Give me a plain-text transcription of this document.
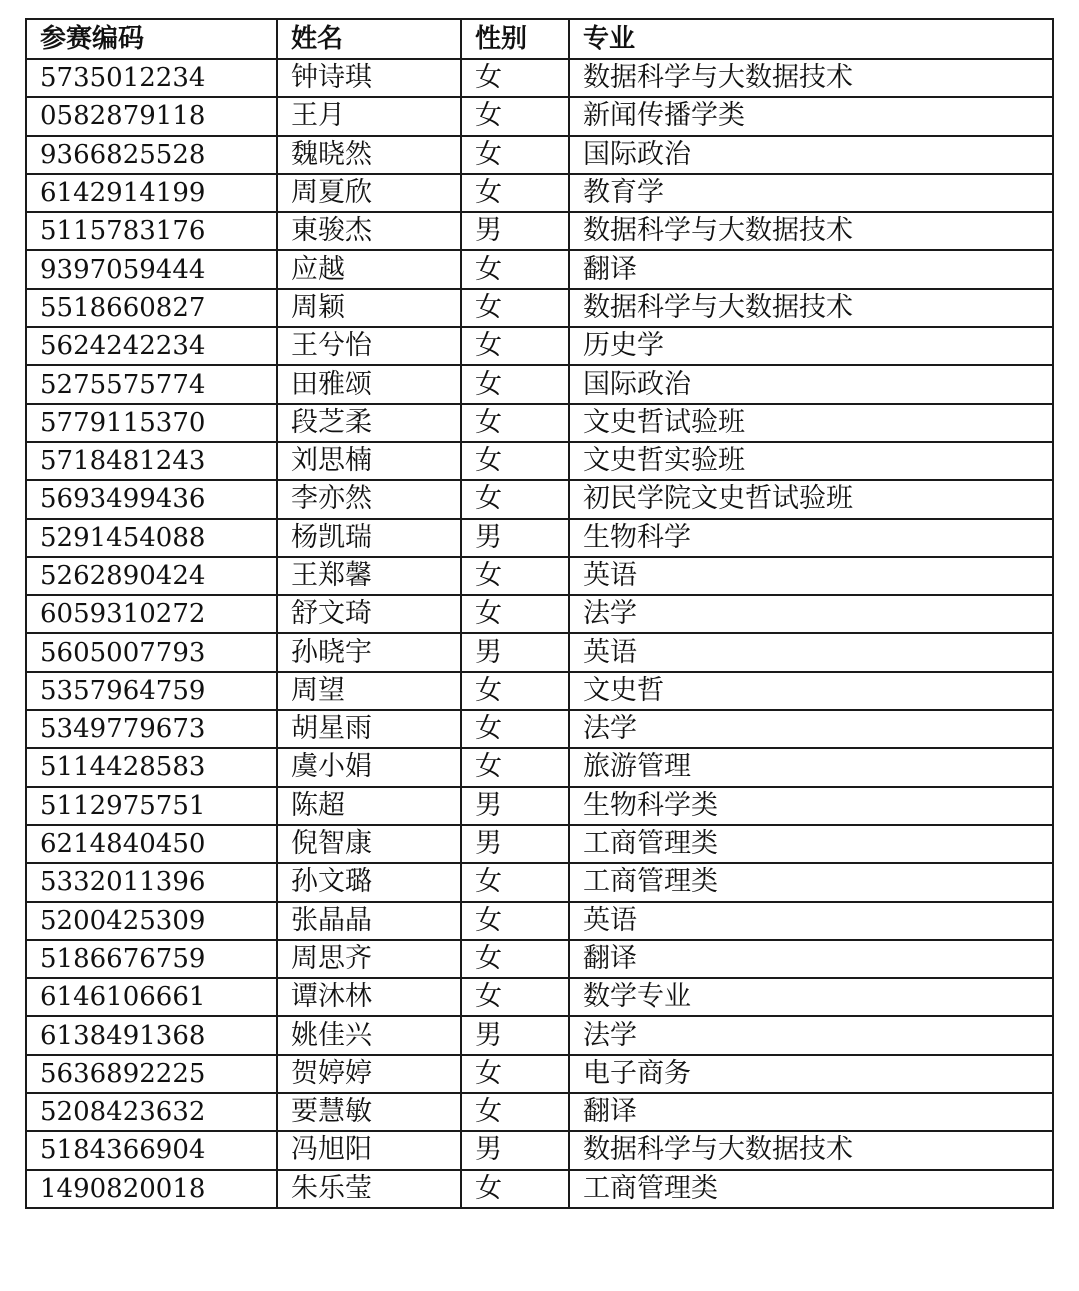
参赛编码	姓名	性别	专业
5735012234	钟诗琪	女	数据科学与大数据技术
0582879118	王月	女	新闻传播学类
9366825528	魏晓然	女	国际政治
6142914199	周夏欣	女	教育学
5115783176	東骏杰	男	数据科学与大数据技术
9397059444	应越	女	翻译
5518660827	周颖	女	数据科学与大数据技术
5624242234	王兮怡	女	历史学
5275575774	田雅颂	女	国际政治
5779115370	段芝柔	女	文史哲试验班
5718481243	刘思楠	女	文史哲实验班
5693499436	李亦然	女	初民学院文史哲试验班
5291454088	杨凯瑞	男	生物科学
5262890424	王郑馨	女	英语
6059310272	舒文琦	女	法学
5605007793	孙晓宇	男	英语
5357964759	周望	女	文史哲
5349779673	胡星雨	女	法学
5114428583	虞小娟	女	旅游管理
5112975751	陈超	男	生物科学类
6214840450	倪智康	男	工商管理类
5332011396	孙文璐	女	工商管理类
5200425309	张晶晶	女	英语
5186676759	周思齐	女	翻译
6146106661	谭沐林	女	数学专业
6138491368	姚佳兴	男	法学
5636892225	贺婷婷	女	电子商务
5208423632	要慧敏	女	翻译
5184366904	冯旭阳	男	数据科学与大数据技术
1490820018	朱乐莹	女	工商管理类
